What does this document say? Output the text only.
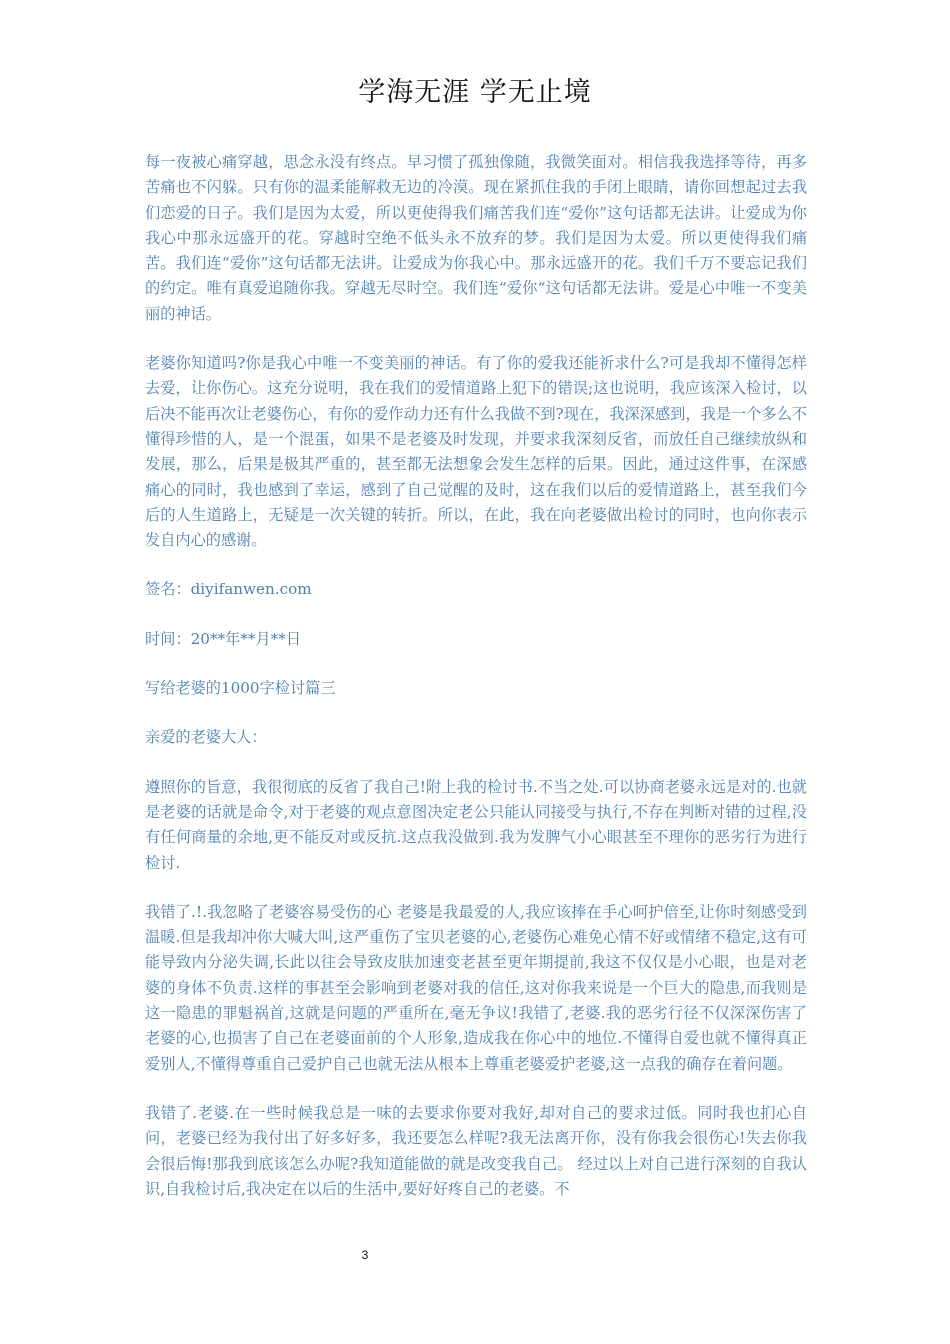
学海无涯 学无止境

每一夜被心痛穿越，思念永没有终点。早习惯了孤独像随，我微笑面对。相信我我选择等待，再多苦痛也不闪躲。只有你的温柔能解救无边的冷漠。现在紧抓住我的手闭上眼睛，请你回想起过去我们恋爱的日子。我们是因为太爱，所以更使得我们痛苦我们连“爱你”这句话都无法讲。让爱成为你我心中那永远盛开的花。穿越时空绝不低头永不放弃的梦。我们是因为太爱。所以更使得我们痛苦。我们连“爱你”这句话都无法讲。让爱成为你我心中。那永远盛开的花。我们千万不要忘记我们的约定。唯有真爱追随你我。穿越无尽时空。我们连“爱你“这句话都无法讲。爱是心中唯一不变美丽的神话。

老婆你知道吗?你是我心中唯一不变美丽的神话。有了你的爱我还能祈求什么?可是我却不懂得怎样去爱，让你伤心。这充分说明，我在我们的爱情道路上犯下的错误;这也说明，我应该深入检讨，以后决不能再次让老婆伤心，有你的爱作动力还有什么我做不到?现在，我深深感到，我是一个多么不懂得珍惜的人，是一个混蛋，如果不是老婆及时发现，并要求我深刻反省，而放任自己继续放纵和发展，那么，后果是极其严重的，甚至都无法想象会发生怎样的后果。因此，通过这件事，在深感痛心的同时，我也感到了幸运，感到了自己觉醒的及时，这在我们以后的爱情道路上，甚至我们今后的人生道路上，无疑是一次关键的转折。所以，在此，我在向老婆做出检讨的同时，也向你表示发自内心的感谢。

签名：diyifanwen.com

时间：20**年**月**日

写给老婆的1000字检讨篇三

亲爱的老婆大人：

遵照你的旨意，我很彻底的反省了我自己!附上我的检讨书.不当之处.可以协商老婆永远是对的.也就是老婆的话就是命令,对于老婆的观点意图决定老公只能认同接受与执行,不存在判断对错的过程,没有任何商量的余地,更不能反对或反抗.这点我没做到.我为发脾气小心眼甚至不理你的恶劣行为进行检讨.

我错了.!.我忽略了老婆容易受伤的心 老婆是我最爱的人,我应该捧在手心呵护倍至,让你时刻感受到温暖.但是我却冲你大喊大叫,这严重伤了宝贝老婆的心,老婆伤心难免心情不好或情绪不稳定,这有可能导致内分泌失调,长此以往会导致皮肤加速变老甚至更年期提前,我这不仅仅是小心眼，也是对老婆的身体不负责.这样的事甚至会影响到老婆对我的信任,这对你我来说是一个巨大的隐患,而我则是这一隐患的罪魁祸首,这就是问题的严重所在,毫无争议!我错了,老婆.我的恶劣行径不仅深深伤害了老婆的心,也损害了自己在老婆面前的个人形象,造成我在你心中的地位.不懂得自爱也就不懂得真正爱别人,不懂得尊重自己爱护自己也就无法从根本上尊重老婆爱护老婆,这一点我的确存在着问题。

我错了.老婆.在一些时候我总是一味的去要求你要对我好,却对自己的要求过低。同时我也扪心自问，老婆已经为我付出了好多好多，我还要怎么样呢?我无法离开你，没有你我会很伤心!失去你我会很后悔!那我到底该怎么办呢?我知道能做的就是改变我自己。 经过以上对自己进行深刻的自我认识,自我检讨后,我决定在以后的生活中,要好好疼自己的老婆。不

3
